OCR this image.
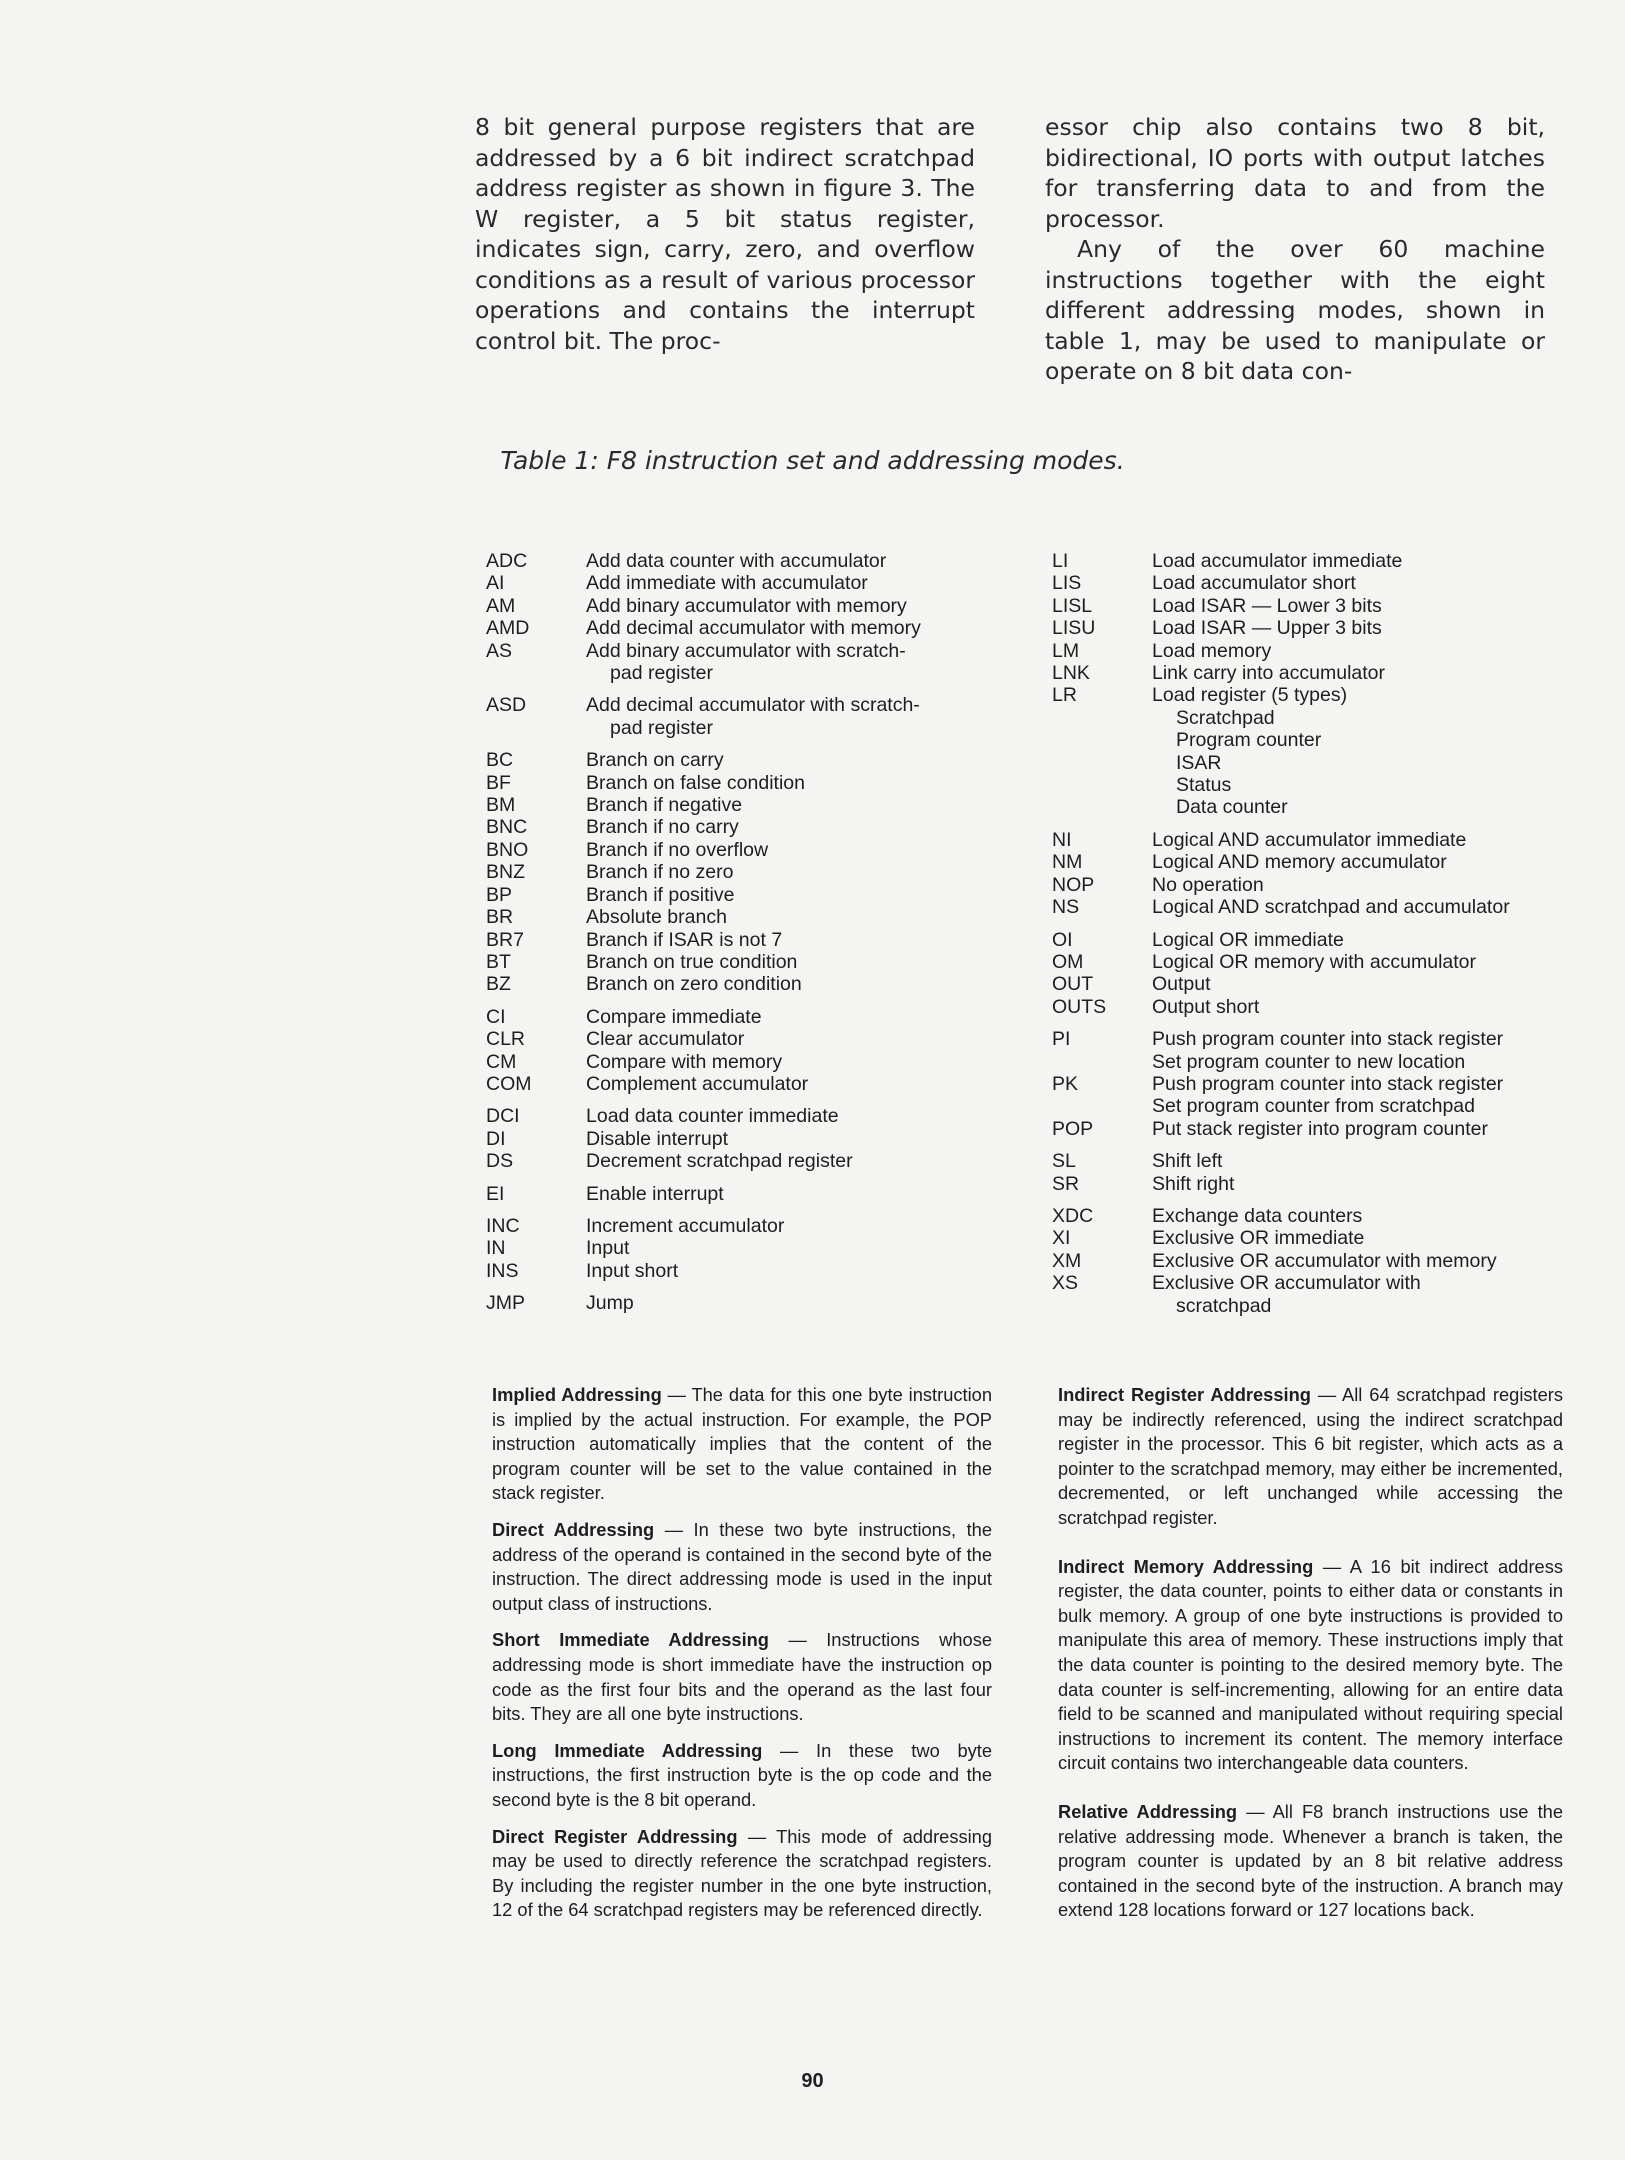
8 bit general purpose registers that are addressed by a 6 bit indirect scratchpad address register as shown in figure 3. The W register, a 5 bit status register, indicates sign, carry, zero, and overflow conditions as a result of various processor operations and contains the interrupt control bit. The proc-

essor chip also contains two 8 bit, bidirectional, IO ports with output latches for transferring data to and from the processor.

Any of the over 60 machine instructions together with the eight different addressing modes, shown in table 1, may be used to manipulate or operate on 8 bit data con-

Table 1: F8 instruction set and addressing modes.
ADC	Add data counter with accumulator
AI	Add immediate with accumulator
AM	Add binary accumulator with memory
AMD	Add decimal accumulator with memory
AS	Add binary accumulator with scratch-
pad register
ASD	Add decimal accumulator with scratch-
pad register
BC	Branch on carry
BF	Branch on false condition
BM	Branch if negative
BNC	Branch if no carry
BNO	Branch if no overflow
BNZ	Branch if no zero
BP	Branch if positive
BR	Absolute branch
BR7	Branch if ISAR is not 7
BT	Branch on true condition
BZ	Branch on zero condition
CI	Compare immediate
CLR	Clear accumulator
CM	Compare with memory
COM	Complement accumulator
DCI	Load data counter immediate
DI	Disable interrupt
DS	Decrement scratchpad register
EI	Enable interrupt
INC	Increment accumulator
IN	Input
INS	Input short
JMP	Jump
LI	Load accumulator immediate
LIS	Load accumulator short
LISL	Load ISAR — Lower 3 bits
LISU	Load ISAR — Upper 3 bits
LM	Load memory
LNK	Link carry into accumulator
LR	Load register (5 types)
Scratchpad
Program counter
ISAR
Status
Data counter
NI	Logical AND accumulator immediate
NM	Logical AND memory accumulator
NOP	No operation
NS	Logical AND scratchpad and accumulator
OI	Logical OR immediate
OM	Logical OR memory with accumulator
OUT	Output
OUTS	Output short
PI	Push program counter into stack register
Set program counter to new location
PK	Push program counter into stack register
Set program counter from scratchpad
POP	Put stack register into program counter
SL	Shift left
SR	Shift right
XDC	Exchange data counters
XI	Exclusive OR immediate
XM	Exclusive OR accumulator with memory
XS	Exclusive OR accumulator with
scratchpad

Implied Addressing — The data for this one byte instruction is implied by the actual instruction. For example, the POP instruction automatically implies that the content of the program counter will be set to the value contained in the stack register.

Direct Addressing — In these two byte instructions, the address of the operand is contained in the second byte of the instruction. The direct addressing mode is used in the input output class of instructions.

Short Immediate Addressing — Instructions whose addressing mode is short immediate have the instruction op code as the first four bits and the operand as the last four bits. They are all one byte instructions.

Long Immediate Addressing — In these two byte instructions, the first instruction byte is the op code and the second byte is the 8 bit operand.

Direct Register Addressing — This mode of addressing may be used to directly reference the scratchpad registers. By including the register number in the one byte instruction, 12 of the 64 scratchpad registers may be referenced directly.

Indirect Register Addressing — All 64 scratchpad registers may be indirectly referenced, using the indirect scratchpad register in the processor. This 6 bit register, which acts as a pointer to the scratchpad memory, may either be incremented, decremented, or left unchanged while accessing the scratchpad register.

Indirect Memory Addressing — A 16 bit indirect address register, the data counter, points to either data or constants in bulk memory. A group of one byte instructions is provided to manipulate this area of memory. These instructions imply that the data counter is pointing to the desired memory byte. The data counter is self-incrementing, allowing for an entire data field to be scanned and manipulated without requiring special instructions to increment its content. The memory interface circuit contains two interchangeable data counters.

Relative Addressing — All F8 branch instructions use the relative addressing mode. Whenever a branch is taken, the program counter is updated by an 8 bit relative address contained in the second byte of the instruction. A branch may extend 128 locations forward or 127 locations back.

90
